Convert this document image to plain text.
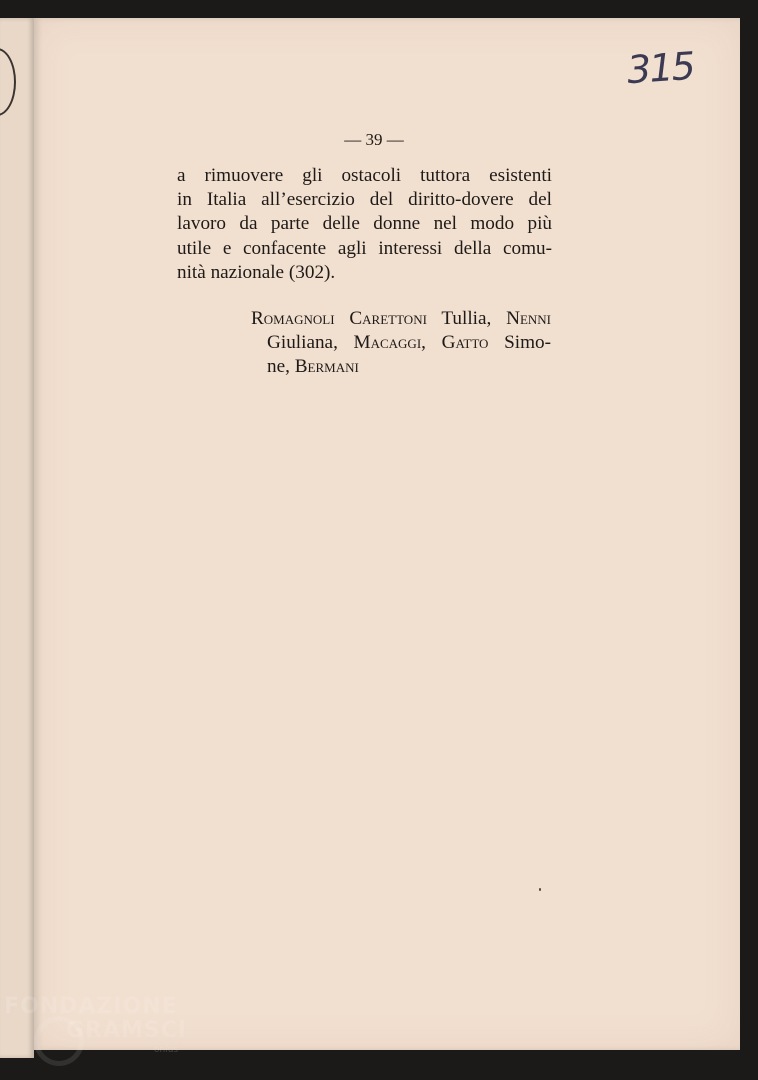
315
— 39 —

a rimuovere gli ostacoli tuttora esistenti
in Italia all’esercizio del diritto-dovere del
lavoro da parte delle donne nel modo più
utile e confacente agli interessi della comu-
nità nazionale (302).

Romagnoli Carettoni Tullia, Nenni
Giuliana, Macaggi, Gatto Simo-
ne, Bermani
FONDAZIONE
GRAMSCI
onlus
